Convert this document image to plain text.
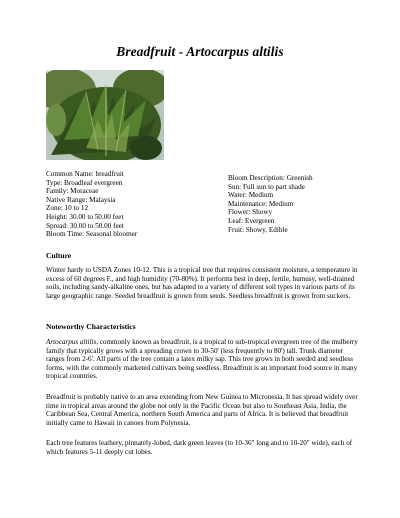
Breadfruit - Artocarpus altilis
Common Name: breadfruit
Type: Broadleaf evergreen
Family: Moraceae
Native Range: Malaysia
Zone: 10 to 12
Height: 30.00 to 50.00 feet
Spread: 30.00 to 50.00 feet
Bloom Time: Seasonal bloomer
Bloom Description: Greenish
Sun: Full sun to part shade
Water: Medium
Maintenance: Medium
Flower: Showy
Leaf: Evergreen
Fruit: Showy, Edible
Culture
Winter hardy to USDA Zones 10-12. This is a tropical tree that requires consistent moisture, a temperature in excess of 60 degrees F., and high humidity (70-80%). It performs best in deep, fertile, humusy, well-drained soils, including sandy-alkaline ones, but has adapted to a variety of different soil types in various parts of its large geographic range. Seeded breadfruit is grown from seeds. Seedless breadfruit is grown from suckers.
Noteworthy Characteristics
Artocarpus altilis, commonly known as breadfruit, is a tropical to sub-tropical evergreen tree of the mulberry family that typically grows with a spreading crown to 30-50' (less frequently to 80') tall. Trunk diameter ranges from 2-6'. All parts of the tree contain a latex milky sap. This tree grows in both seeded and seedless forms, with the commonly marketed cultivars being seedless. Breadfruit is an important food source in many tropical countries.
Breadfruit is probably native to an area extending from New Guinea to Micronesia. It has spread widely over time in tropical areas around the globe not only in the Pacific Ocean but also to Southeast Asia, India, the Caribbean Sea, Central America, northern South America and parts of Africa. It is believed that breadfruit initially came to Hawaii in canoes from Polynesia.
Each tree features leathery, pinnately-lobed, dark green leaves (to 10-36" long and to 10-20" wide), each of which features 5-11 deeply cut lobes.
